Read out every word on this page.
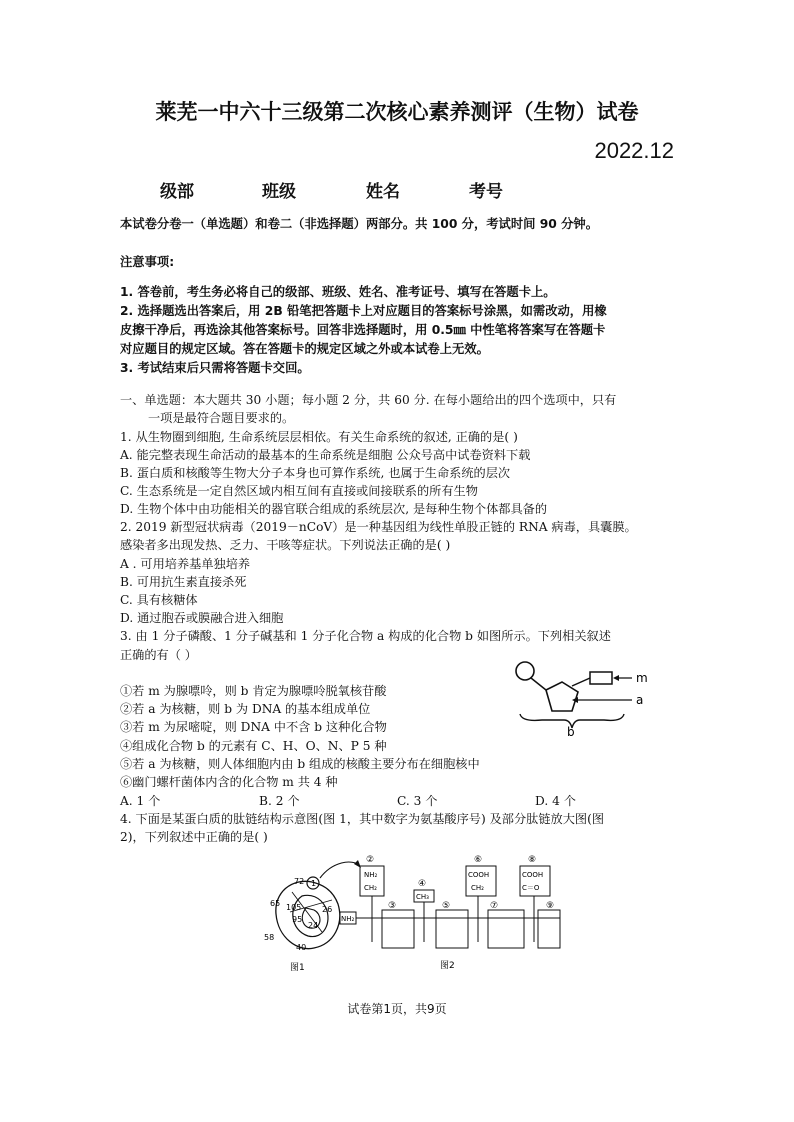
莱芜一中六十三级第二次核心素养测评（生物）试卷
2022.12
级部	班级	姓名	考号
本试卷分卷一（单选题）和卷二（非选择题）两部分。共 100 分，考试时间 90 分钟。
注意事项:
1. 答卷前，考生务必将自己的级部、班级、姓名、准考证号、填写在答题卡上。
2. 选择题选出答案后，用 2B 铅笔把答题卡上对应题目的答案标号涂黑，如需改动，用橡
皮擦干净后，再选涂其他答案标号。回答非选择题时，用 0.5㎜ 中性笔将答案写在答题卡
对应题目的规定区域。答在答题卡的规定区域之外或本试卷上无效。
3. 考试结束后只需将答题卡交回。
一、单选题：本大题共 30 小题；每小题 2 分，共 60 分. 在每小题给出的四个选项中，只有
一项是最符合题目要求的。
1. 从生物圈到细胞, 生命系统层层相依。有关生命系统的叙述, 正确的是( )
A. 能完整表现生命活动的最基本的生命系统是细胞 公众号高中试卷资料下载
B. 蛋白质和核酸等生物大分子本身也可算作系统, 也属于生命系统的层次
C. 生态系统是一定自然区域内相互间有直接或间接联系的所有生物
D. 生物个体中由功能相关的器官联合组成的系统层次, 是每种生物个体都具备的
2. 2019 新型冠状病毒（2019－nCoV）是一种基因组为线性单股正链的 RNA 病毒，具囊膜。
感染者多出现发热、乏力、干咳等症状。下列说法正确的是( )
A . 可用培养基单独培养
B. 可用抗生素直接杀死
C. 具有核糖体
D. 通过胞吞或膜融合进入细胞
3. 由 1 分子磷酸、1 分子碱基和 1 分子化合物 a 构成的化合物 b 如图所示。下列相关叙述
正确的有（ ）
①若 m 为腺嘌呤，则 b 肯定为腺嘌呤脱氧核苷酸
②若 a 为核糖，则 b 为 DNA 的基本组成单位
③若 m 为尿嘧啶，则 DNA 中不含 b 这种化合物
④组成化合物 b 的元素有 C、H、O、N、P 5 种
⑤若 a 为核糖，则人体细胞内由 b 组成的核酸主要分布在细胞核中
⑥幽门螺杆菌体内含的化合物 m 共 4 种
A. 1 个	B. 2 个	C. 3 个	D. 4 个
m
a
b
4. 下面是某蛋白质的肽链结构示意图(图 1，其中数字为氨基酸序号) 及部分肽链放大图(图
2)，下列叙述中正确的是( )
72
65 105
1
26
95
24
58
40
图1
②
③
④
⑤
⑥
⑦
⑧
⑨
NH₂
CH₂
CH₃
COOH
CH₂
COOH
C＝O
NH₂
图2
试卷第1页，共9页
